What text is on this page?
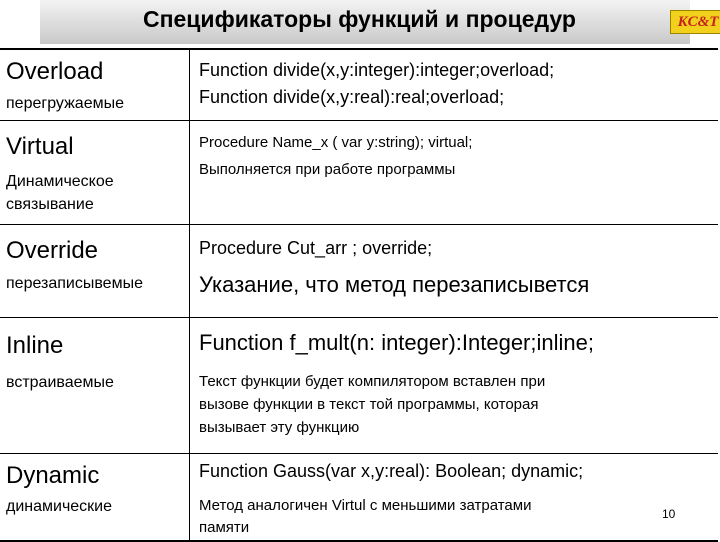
Спецификаторы функций и процедур	KC&T
Overload
перегружаемые
Function divide(x,y:integer):integer;overload;
Function divide(x,y:real):real;overload;
Virtual
Динамическое
связывание
Procedure Name_x ( var y:string); virtual;
Выполняется при работе программы
Override
перезаписывемые
Procedure Cut_arr ; override;
Указание, что метод перезаписывется
Inline
встраиваемые
Function f_mult(n: integer):Integer;inline;
Текст функции будет компилятором вставлен при
вызове функции в текст той программы, которая
вызывает эту функцию
Dynamic
динамические
Function Gauss(var x,y:real): Boolean; dynamic;
Метод аналогичен Virtul с меньшими затратами
памяти
10
